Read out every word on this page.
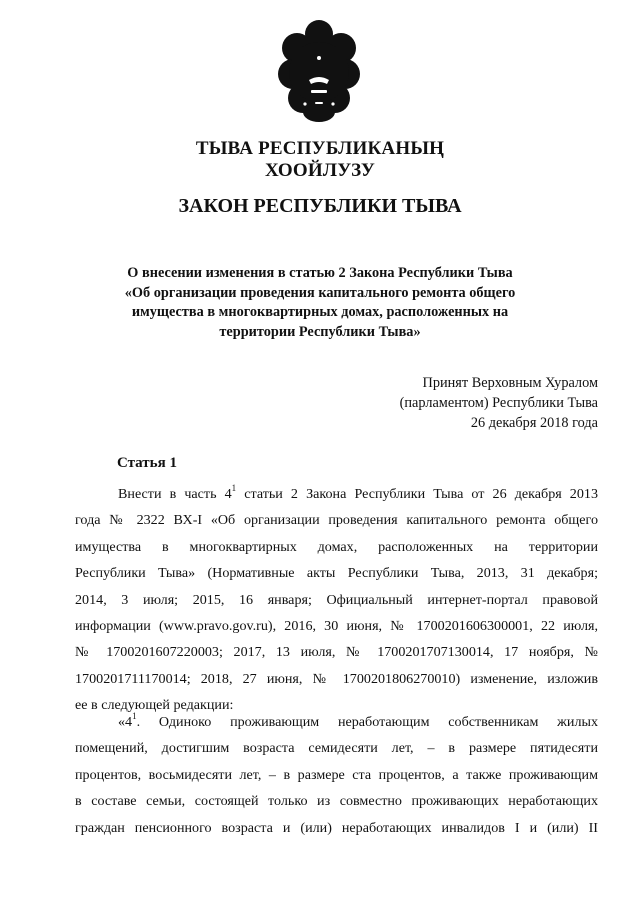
ТЫВА РЕСПУБЛИКАНЫҢ
ХООЙЛУЗУ
ЗАКОН РЕСПУБЛИКИ ТЫВА
О внесении изменения в статью 2 Закона Республики Тыва
«Об организации проведения капитального ремонта общего
имущества в многоквартирных домах, расположенных на
территории Республики Тыва»
Принят Верховным Хуралом
(парламентом) Республики Тыва
26 декабря 2018 года
Статья 1
Внести в часть $4^1$ статьи 2 Закона Республики Тыва от 26 декабря 2013
года № 2322 ВХ-I «Об организации проведения капитального ремонта общего
имущества в многоквартирных домах, расположенных на территории
Республики Тыва» (Нормативные акты Республики Тыва, 2013, 31 декабря;
2014, 3 июля; 2015, 16 января; Официальный интернет-портал правовой
информации (www.pravo.gov.ru), 2016, 30 июня, № 1700201606300001, 22 июля,
№ 1700201607220003; 2017, 13 июля, № 1700201707130014, 17 ноября, №
1700201711170014; 2018, 27 июня, № 1700201806270010) изменение, изложив
ее в следующей редакции:
«$4^1$. Одиноко проживающим неработающим собственникам жилых
помещений, достигшим возраста семидесяти лет, – в размере пятидесяти
процентов, восьмидесяти лет, – в размере ста процентов, а также проживающим
в составе семьи, состоящей только из совместно проживающих неработающих
граждан пенсионного возраста и (или) неработающих инвалидов I и (или) II
